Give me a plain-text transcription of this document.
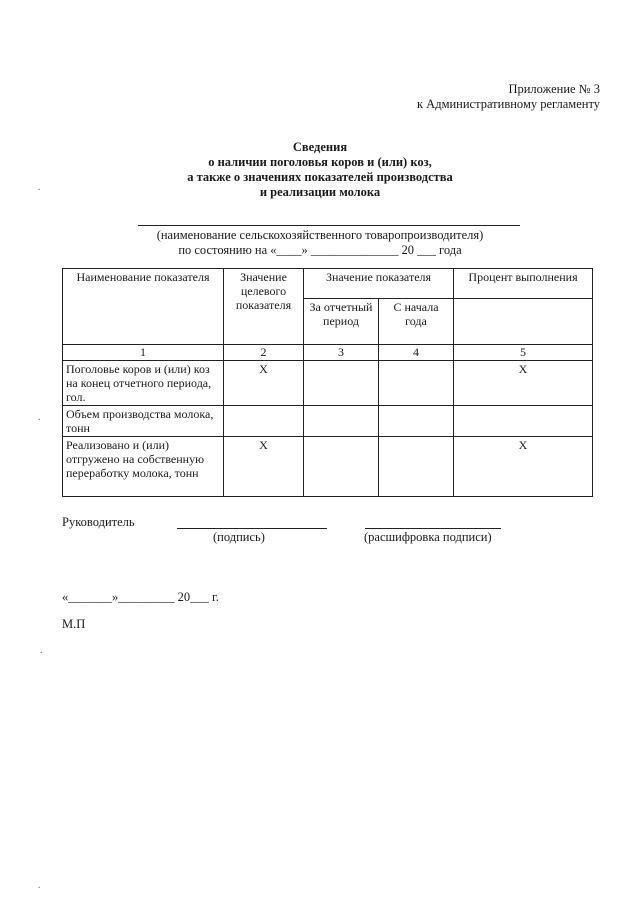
Приложение № 3
к Административному регламенту
Сведения
о наличии поголовья коров и (или) коз,
а также о значениях показателей производства
и реализации молока
(наименование сельскохозяйственного товаропроизводителя)
по состоянию на «____» ______________ 20 ___ года
Наименование показателя	Значение целевого показателя	Значение показателя		Процент выполнения
		За отчетный период	С начала года	
1	2	3	4	5
Поголовье коров и (или) коз на конец отчетного периода, гол.	Х			Х
Объем производства молока, тонн				
Реализовано и (или) отгружено на собственную переработку молока, тонн	Х			Х
Руководитель
(подпись)	(расшифровка подписи)
«_______»_________ 20___ г.
М.П
.
.
.
.
